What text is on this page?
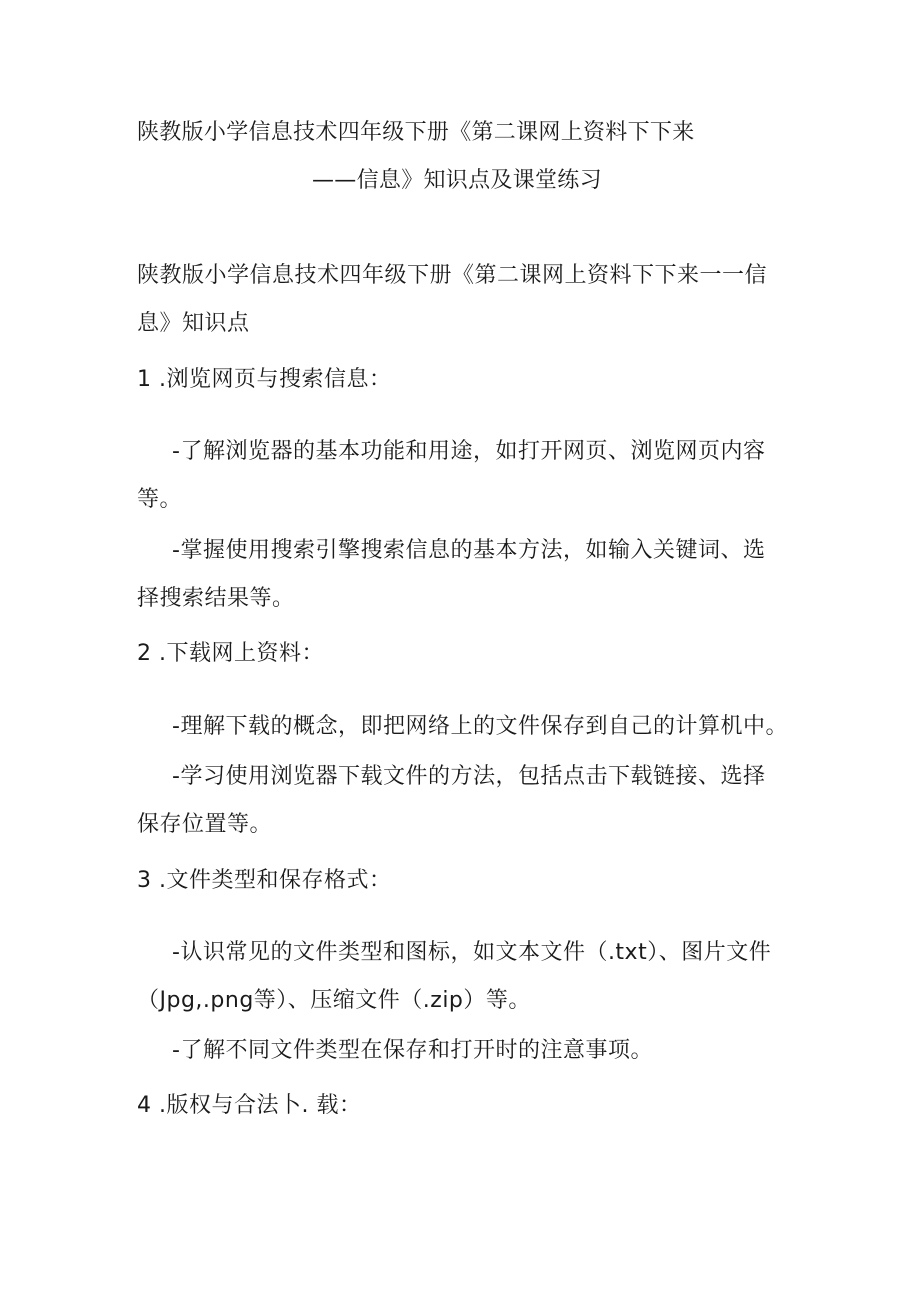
陕教版小学信息技术四年级下册《第二课网上资料下下来
——信息》知识点及课堂练习
陕教版小学信息技术四年级下册《第二课网上资料下下来一一信
息》知识点
1 .浏览网页与搜索信息：
-了解浏览器的基本功能和用途，如打开网页、浏览网页内容
等。
-掌握使用搜索引擎搜索信息的基本方法，如输入关键词、选
择搜索结果等。
2 .下载网上资料：
-理解下载的概念，即把网络上的文件保存到自己的计算机中。
-学习使用浏览器下载文件的方法，包括点击下载链接、选择
保存位置等。
3 .文件类型和保存格式：
-认识常见的文件类型和图标，如文本文件（.txt）、图片文件
（Jpg,.png等）、压缩文件（.zip）等。
-了解不同文件类型在保存和打开时的注意事项。
4 .版权与合法卜. 载：
